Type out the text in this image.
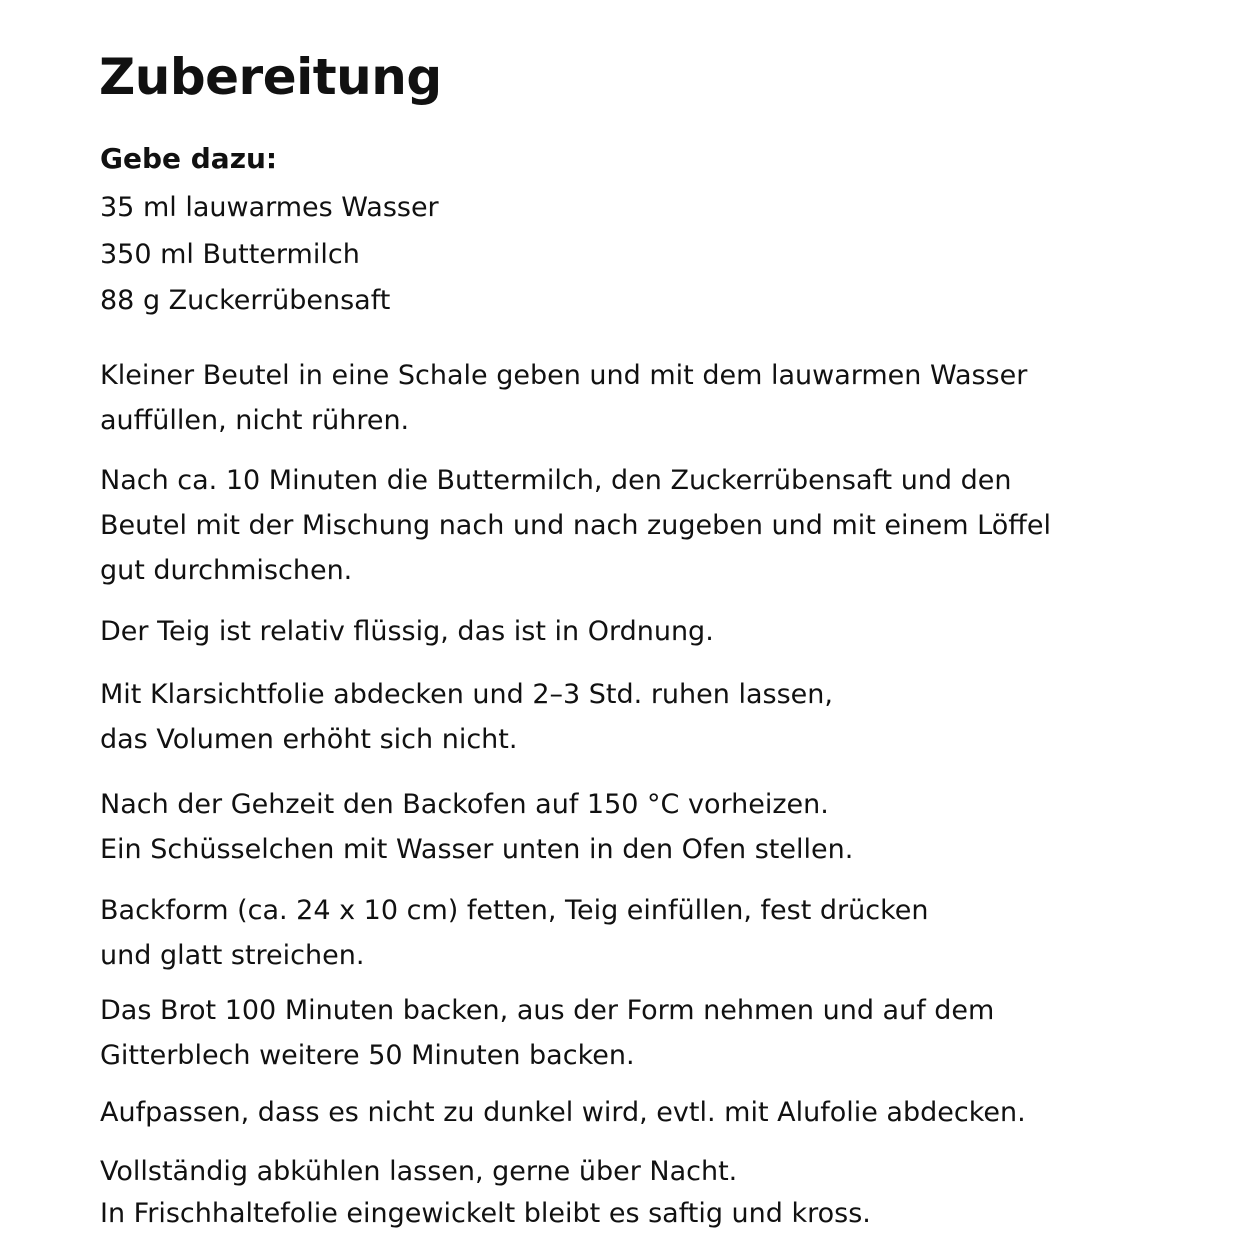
Zubereitung
Gebe dazu:
35 ml lauwarmes Wasser
350 ml Buttermilch
88 g Zuckerrübensaft

Kleiner Beutel in eine Schale geben und mit dem lauwarmen Wasser
auffüllen, nicht rühren.

Nach ca. 10 Minuten die Buttermilch, den Zuckerrübensaft und den
Beutel mit der Mischung nach und nach zugeben und mit einem Löffel
gut durchmischen.

Der Teig ist relativ flüssig, das ist in Ordnung.

Mit Klarsichtfolie abdecken und 2–3 Std. ruhen lassen,
das Volumen erhöht sich nicht.

Nach der Gehzeit den Backofen auf 150 °C vorheizen.
Ein Schüsselchen mit Wasser unten in den Ofen stellen.

Backform (ca. 24 x 10 cm) fetten, Teig einfüllen, fest drücken
und glatt streichen.

Das Brot 100 Minuten backen, aus der Form nehmen und auf dem
Gitterblech weitere 50 Minuten backen.

Aufpassen, dass es nicht zu dunkel wird, evtl. mit Alufolie abdecken.

Vollständig abkühlen lassen, gerne über Nacht.
In Frischhaltefolie eingewickelt bleibt es saftig und kross.
